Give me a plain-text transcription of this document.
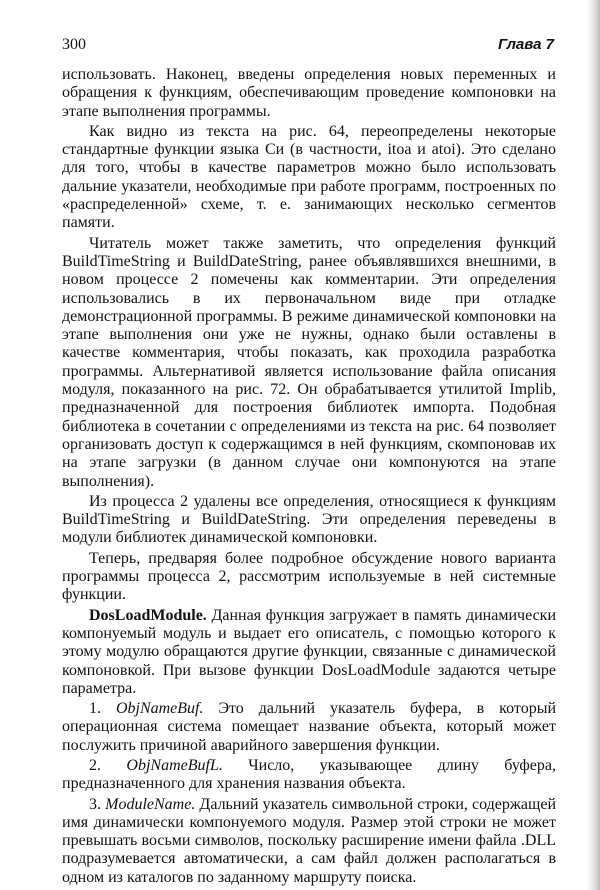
300	Глава 7

использовать. Наконец, введены определения новых переменных и обращения к функциям, обеспечивающим проведение компоновки на этапе выполнения программы.

Как видно из текста на рис. 64, переопределены некоторые стандартные функции языка Си (в частности, itoa и atoi). Это сделано для того, чтобы в качестве параметров можно было использовать дальние указатели, необходимые при работе программ, построенных по «распределенной» схеме, т. е. занимающих несколько сегментов памяти.

Читатель может также заметить, что определения функций BuildTimeString и BuildDateString, ранее объявлявшихся внешними, в новом процессе 2 помечены как комментарии. Эти определения использовались в их первоначальном виде при отладке демонстрационной программы. В режиме динамической компоновки на этапе выполнения они уже не нужны, однако были оставлены в качестве комментария, чтобы показать, как проходила разработка программы. Альтернативой является использование файла описания модуля, показанного на рис. 72. Он обрабатывается утилитой Implib, предназначенной для построения библиотек импорта. Подобная библиотека в сочетании с определениями из текста на рис. 64 позволяет организовать доступ к содержащимся в ней функциям, скомпоновав их на этапе загрузки (в данном случае они компонуются на этапе выполнения).

Из процесса 2 удалены все определения, относящиеся к функциям BuildTimeString и BuildDateString. Эти определения переведены в модули библиотек динамической компоновки.

Теперь, предваряя более подробное обсуждение нового варианта программы процесса 2, рассмотрим используемые в ней системные функции.

DosLoadModule. Данная функция загружает в память динамически компонуемый модуль и выдает его описатель, с помощью которого к этому модулю обращаются другие функции, связанные с динамической компоновкой. При вызове функции DosLoadModule задаются четыре параметра.

1. ObjNameBuf. Это дальний указатель буфера, в который операционная система помещает название объекта, который может послужить причиной аварийного завершения функции.

2. ObjNameBufL. Число, указывающее длину буфера, предназначенного для хранения названия объекта.

3. ModuleName. Дальний указатель символьной строки, содержащей имя динамически компонуемого модуля. Размер этой строки не может превышать восьми символов, поскольку расширение имени файла .DLL подразумевается автоматически, а сам файл должен располагаться в одном из каталогов по заданному маршруту поиска.
